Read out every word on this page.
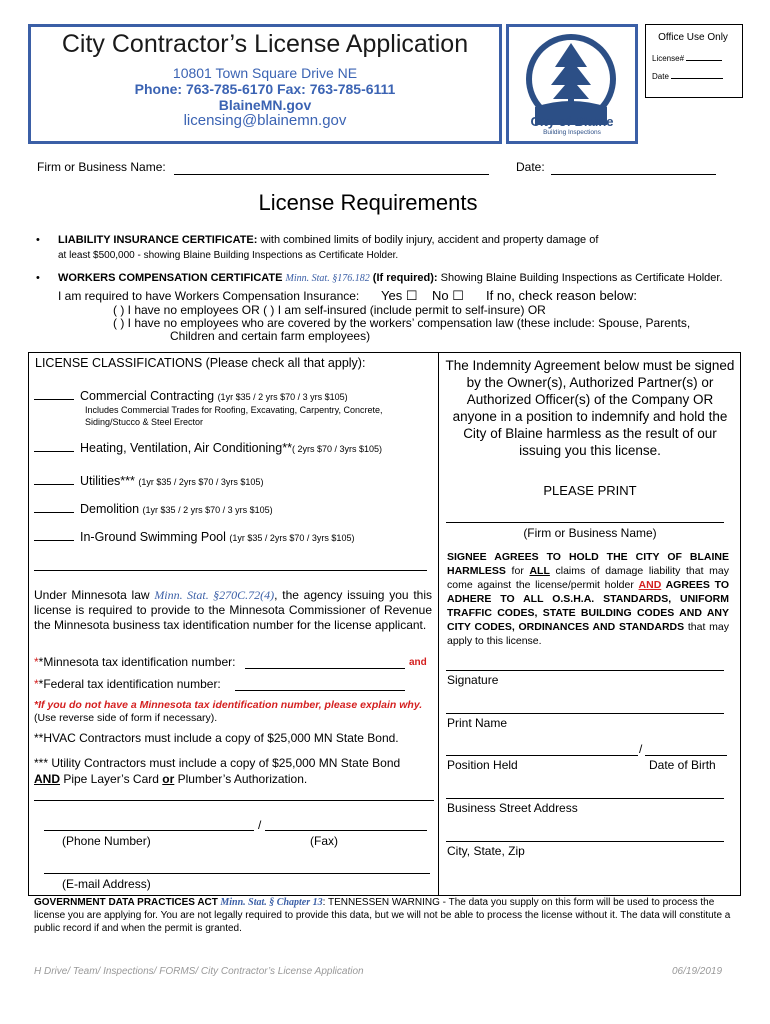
City Contractor’s License Application
10801 Town Square Drive NE
Phone: 763-785-6170 Fax: 763-785-6111
BlaineMN.gov
licensing@blainemn.gov	City of Blaine
Building Inspections
Office Use Only
License#
Date
Firm or Business Name:	Date:
License Requirements
• LIABILITY INSURANCE CERTIFICATE: with combined limits of bodily injury, accident and property damage of
at least $500,000 - showing Blaine Building Inspections as Certificate Holder.
• WORKERS COMPENSATION CERTIFICATE Minn. Stat. §176.182 (If required): Showing Blaine Building Inspections as Certificate Holder.
I am required to have Workers Compensation Insurance: Yes ☐ No ☐ If no, check reason below:
( ) I have no employees OR ( ) I am self-insured (include permit to self-insure) OR
( ) I have no employees who are covered by the workers’ compensation law (these include: Spouse, Parents,
Children and certain farm employees)
LICENSE CLASSIFICATIONS (Please check all that apply):
Commercial Contracting (1yr $35 / 2 yrs $70 / 3 yrs $105)
Includes Commercial Trades for Roofing, Excavating, Carpentry, Concrete,
Siding/Stucco & Steel Erector
Heating, Ventilation, Air Conditioning**( 2yrs $70 / 3yrs $105)
Utilities*** (1yr $35 / 2yrs $70 / 3yrs $105)
Demolition (1yr $35 / 2 yrs $70 / 3 yrs $105)
In-Ground Swimming Pool (1yr $35 / 2yrs $70 / 3yrs $105)
Under Minnesota law Minn. Stat. §270C.72(4), the agency issuing you this license is required to provide to the Minnesota Commissioner of Revenue the Minnesota business tax identification number for the license applicant.
**Minnesota tax identification number:	and
**Federal tax identification number:
*If you do not have a Minnesota tax identification number, please explain why. (Use reverse side of form if necessary).
**HVAC Contractors must include a copy of $25,000 MN State Bond.
*** Utility Contractors must include a copy of $25,000 MN State Bond
AND Pipe Layer’s Card or Plumber’s Authorization.
/
(Phone Number)	(Fax)
(E-mail Address)
The Indemnity Agreement below must be signed by the Owner(s), Authorized Partner(s) or Authorized Officer(s) of the Company OR anyone in a position to indemnify and hold the City of Blaine harmless as the result of our issuing you this license.
PLEASE PRINT
(Firm or Business Name)
SIGNEE AGREES TO HOLD THE CITY OF BLAINE HARMLESS for ALL claims of damage liability that may come against the license/permit holder AND AGREES TO ADHERE TO ALL O.S.H.A. STANDARDS, UNIFORM TRAFFIC CODES, STATE BUILDING CODES AND ANY CITY CODES, ORDINANCES AND STANDARDS that may apply to this license.
Signature
Print Name
/
Position Held	Date of Birth
Business Street Address
City, State, Zip
GOVERNMENT DATA PRACTICES ACT Minn. Stat. § Chapter 13: TENNESSEN WARNING - The data you supply on this form will be used to process the license you are applying for. You are not legally required to provide this data, but we will not be able to process the license without it. The data will constitute a public record if and when the permit is granted.
H Drive/ Team/ Inspections/ FORMS/ City Contractor’s License Application	06/19/2019
